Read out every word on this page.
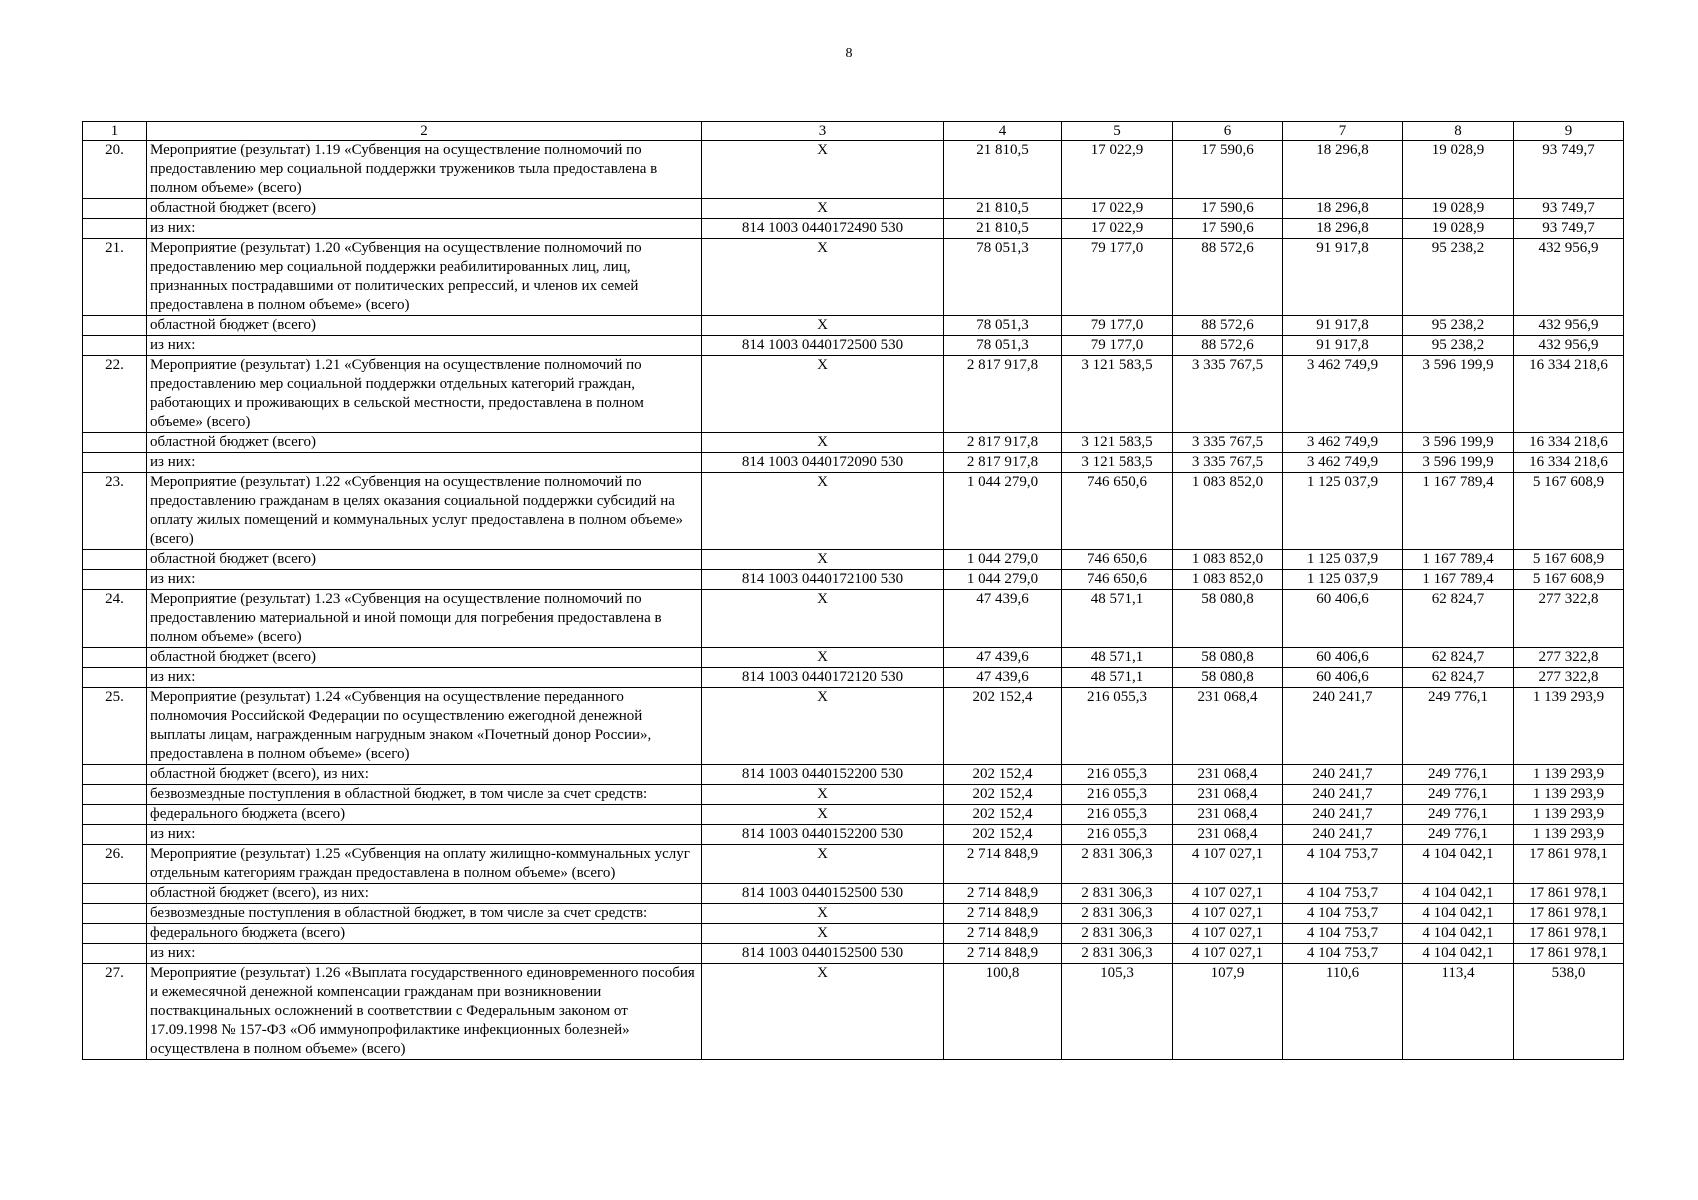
8
1	2	3	4	5	6	7	8	9
20.	Мероприятие (результат) 1.19 «Субвенция на осуществление полномочий по предоставлению мер социальной поддержки тружеников тыла предоставлена в полном объеме» (всего)	X	21 810,5	17 022,9	17 590,6	18 296,8	19 028,9	93 749,7
	областной бюджет (всего)	X	21 810,5	17 022,9	17 590,6	18 296,8	19 028,9	93 749,7
	из них:	814 1003 0440172490 530	21 810,5	17 022,9	17 590,6	18 296,8	19 028,9	93 749,7
21.	Мероприятие (результат) 1.20 «Субвенция на осуществление полномочий по предоставлению мер социальной поддержки реабилитированных лиц, лиц, признанных пострадавшими от политических репрессий, и членов их семей предоставлена в полном объеме» (всего)	X	78 051,3	79 177,0	88 572,6	91 917,8	95 238,2	432 956,9
	областной бюджет (всего)	X	78 051,3	79 177,0	88 572,6	91 917,8	95 238,2	432 956,9
	из них:	814 1003 0440172500 530	78 051,3	79 177,0	88 572,6	91 917,8	95 238,2	432 956,9
22.	Мероприятие (результат) 1.21 «Субвенция на осуществление полномочий по предоставлению мер социальной поддержки отдельных категорий граждан, работающих и проживающих в сельской местности, предоставлена в полном объеме» (всего)	X	2 817 917,8	3 121 583,5	3 335 767,5	3 462 749,9	3 596 199,9	16 334 218,6
	областной бюджет (всего)	X	2 817 917,8	3 121 583,5	3 335 767,5	3 462 749,9	3 596 199,9	16 334 218,6
	из них:	814 1003 0440172090 530	2 817 917,8	3 121 583,5	3 335 767,5	3 462 749,9	3 596 199,9	16 334 218,6
23.	Мероприятие (результат) 1.22 «Субвенция на осуществление полномочий по предоставлению гражданам в целях оказания социальной поддержки субсидий на оплату жилых помещений и коммунальных услуг предоставлена в полном объеме» (всего)	X	1 044 279,0	746 650,6	1 083 852,0	1 125 037,9	1 167 789,4	5 167 608,9
	областной бюджет (всего)	X	1 044 279,0	746 650,6	1 083 852,0	1 125 037,9	1 167 789,4	5 167 608,9
	из них:	814 1003 0440172100 530	1 044 279,0	746 650,6	1 083 852,0	1 125 037,9	1 167 789,4	5 167 608,9
24.	Мероприятие (результат) 1.23 «Субвенция на осуществление полномочий по предоставлению материальной и иной помощи для погребения предоставлена в полном объеме» (всего)	X	47 439,6	48 571,1	58 080,8	60 406,6	62 824,7	277 322,8
	областной бюджет (всего)	X	47 439,6	48 571,1	58 080,8	60 406,6	62 824,7	277 322,8
	из них:	814 1003 0440172120 530	47 439,6	48 571,1	58 080,8	60 406,6	62 824,7	277 322,8
25.	Мероприятие (результат) 1.24 «Субвенция на осуществление переданного полномочия Российской Федерации по осуществлению ежегодной денежной выплаты лицам, награжденным нагрудным знаком «Почетный донор России», предоставлена в полном объеме» (всего)	X	202 152,4	216 055,3	231 068,4	240 241,7	249 776,1	1 139 293,9
	областной бюджет (всего), из них:	814 1003 0440152200 530	202 152,4	216 055,3	231 068,4	240 241,7	249 776,1	1 139 293,9
	безвозмездные поступления в областной бюджет, в том числе за счет средств:	X	202 152,4	216 055,3	231 068,4	240 241,7	249 776,1	1 139 293,9
	федерального бюджета (всего)	X	202 152,4	216 055,3	231 068,4	240 241,7	249 776,1	1 139 293,9
	из них:	814 1003 0440152200 530	202 152,4	216 055,3	231 068,4	240 241,7	249 776,1	1 139 293,9
26.	Мероприятие (результат) 1.25 «Субвенция на оплату жилищно-коммунальных услуг отдельным категориям граждан предоставлена в полном объеме» (всего)	X	2 714 848,9	2 831 306,3	4 107 027,1	4 104 753,7	4 104 042,1	17 861 978,1
	областной бюджет (всего), из них:	814 1003 0440152500 530	2 714 848,9	2 831 306,3	4 107 027,1	4 104 753,7	4 104 042,1	17 861 978,1
	безвозмездные поступления в областной бюджет, в том числе за счет средств:	X	2 714 848,9	2 831 306,3	4 107 027,1	4 104 753,7	4 104 042,1	17 861 978,1
	федерального бюджета (всего)	X	2 714 848,9	2 831 306,3	4 107 027,1	4 104 753,7	4 104 042,1	17 861 978,1
	из них:	814 1003 0440152500 530	2 714 848,9	2 831 306,3	4 107 027,1	4 104 753,7	4 104 042,1	17 861 978,1
27.	Мероприятие (результат) 1.26 «Выплата государственного единовременного пособия и ежемесячной денежной компенсации гражданам при возникновении поствакцинальных осложнений в соответствии с Федеральным законом от 17.09.1998 № 157-ФЗ «Об иммунопрофилактике инфекционных болезней» осуществлена в полном объеме» (всего)	X	100,8	105,3	107,9	110,6	113,4	538,0
